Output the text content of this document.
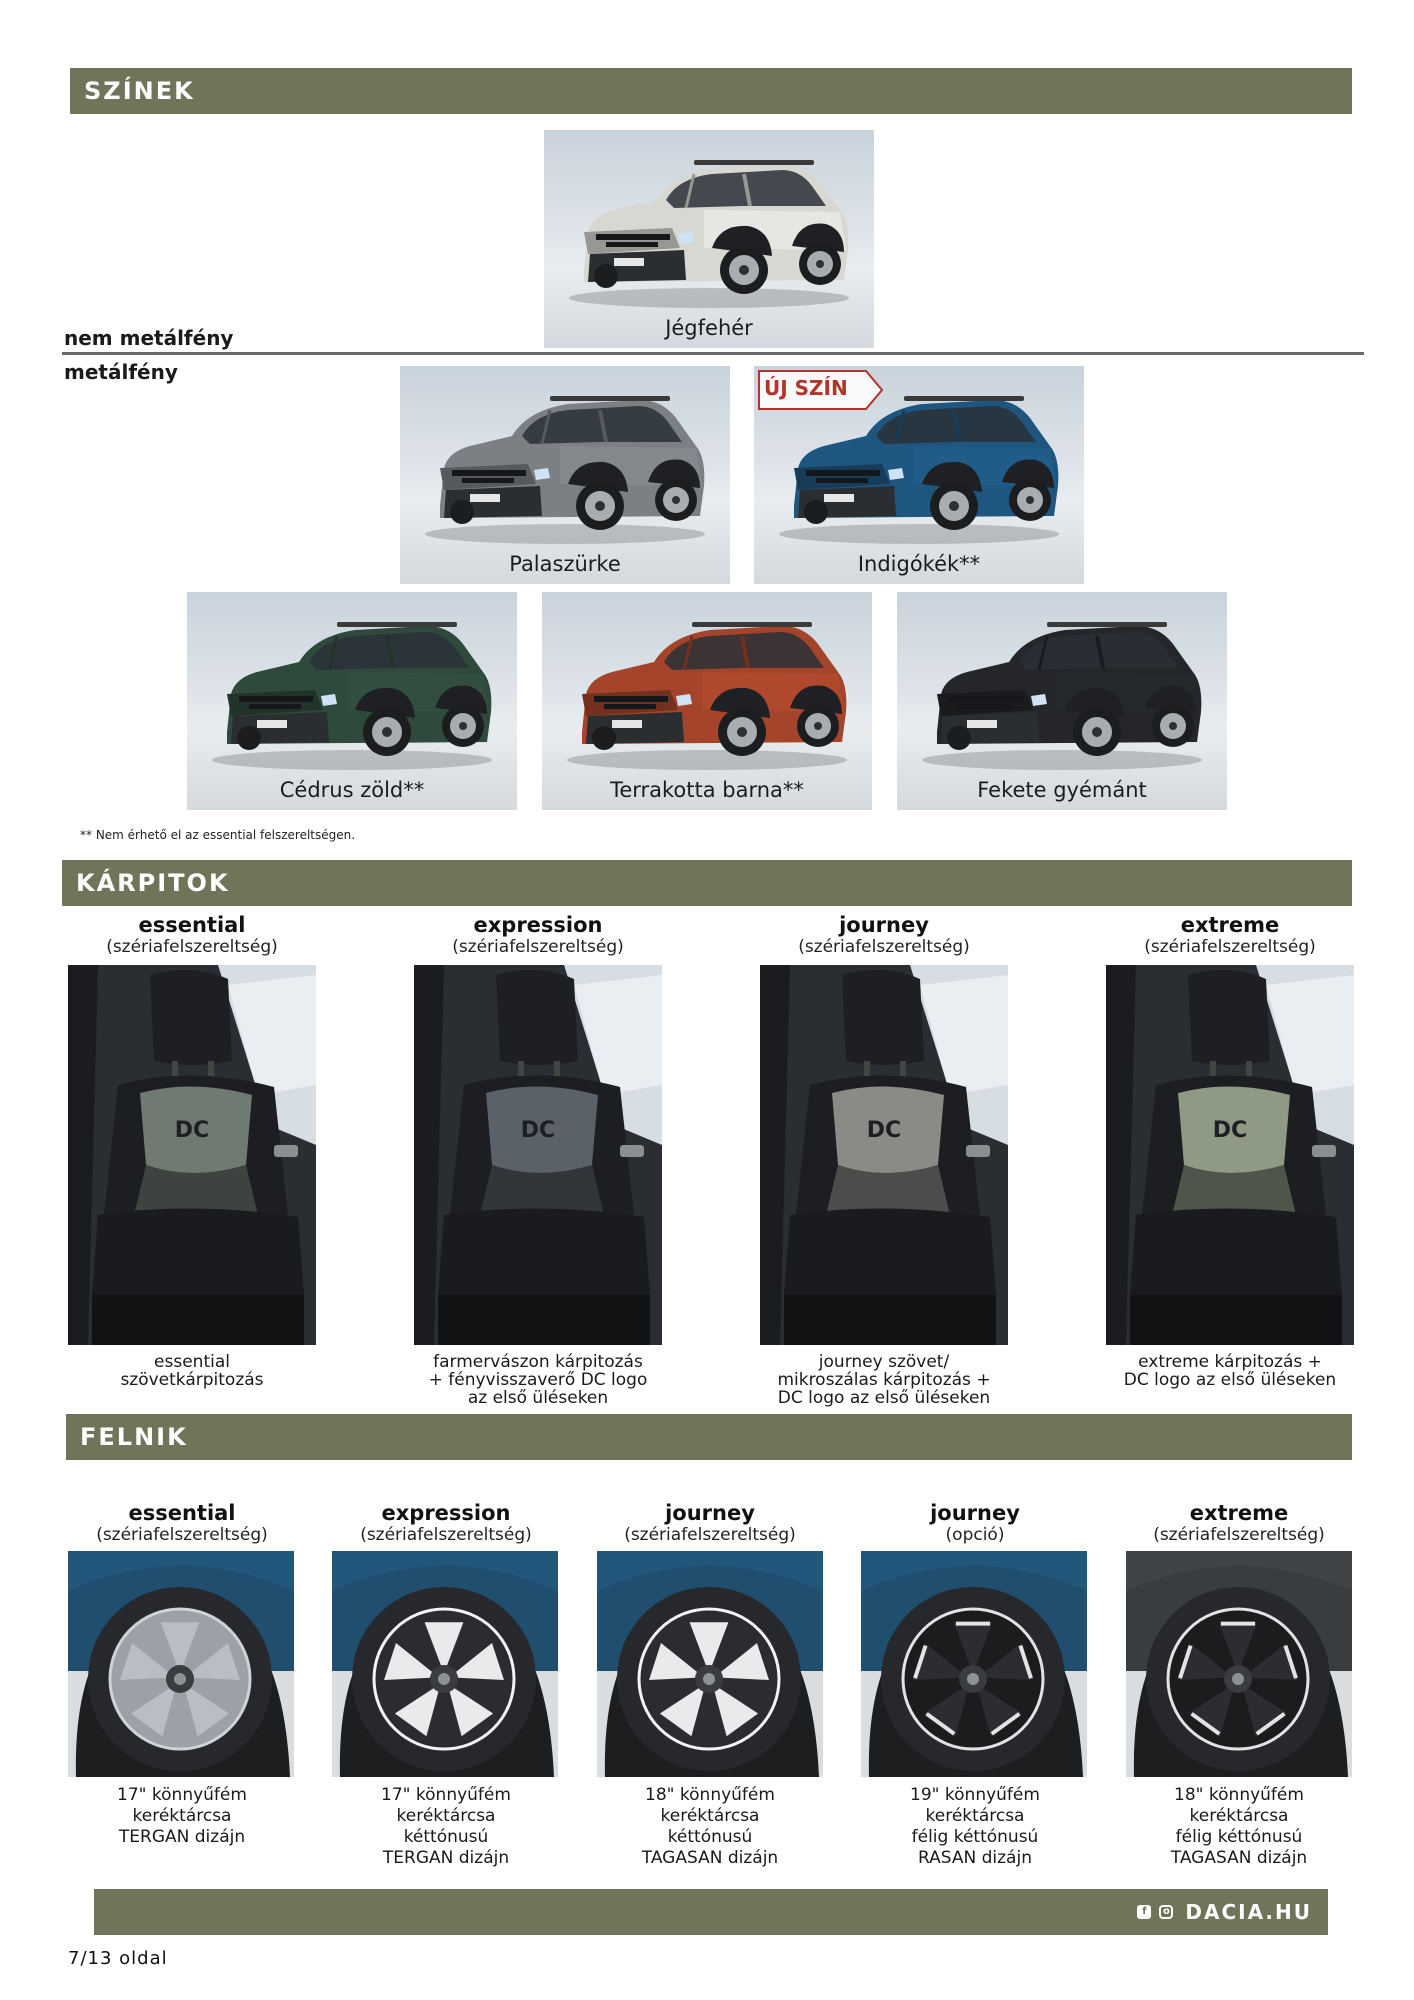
SZÍNEK
Jégfehér
nem metálfény
metálfény
Palaszürke	Indigókék**
ÚJ SZÍN
Cédrus zöld**	Terrakotta barna**	Fekete gyémánt
** Nem érhető el az essential felszereltségen.
KÁRPITOK
essential
(szériafelszereltség)
DC
essential
szövetkárpitozás
expression
(szériafelszereltség)
DC
farmervászon kárpitozás
+ fényvisszaverő DC logo
az első üléseken
journey
(szériafelszereltség)
DC
journey szövet/
mikroszálas kárpitozás +
DC logo az első üléseken
extreme
(szériafelszereltség)
DC
extreme kárpitozás +
DC logo az első üléseken
FELNIK
essential
(szériafelszereltség)
17" könnyűfém
keréktárcsa
TERGAN dizájn
expression
(szériafelszereltség)
17" könnyűfém
keréktárcsa
kéttónusú
TERGAN dizájn
journey
(szériafelszereltség)
18" könnyűfém
keréktárcsa
kéttónusú
TAGASAN dizájn
journey
(opció)
19" könnyűfém
keréktárcsa
félig kéttónusú
RASAN dizájn
extreme
(szériafelszereltség)
18" könnyűfém
keréktárcsa
félig kéttónusú
TAGASAN dizájn
f	o DACIA.HU
7/13 oldal
